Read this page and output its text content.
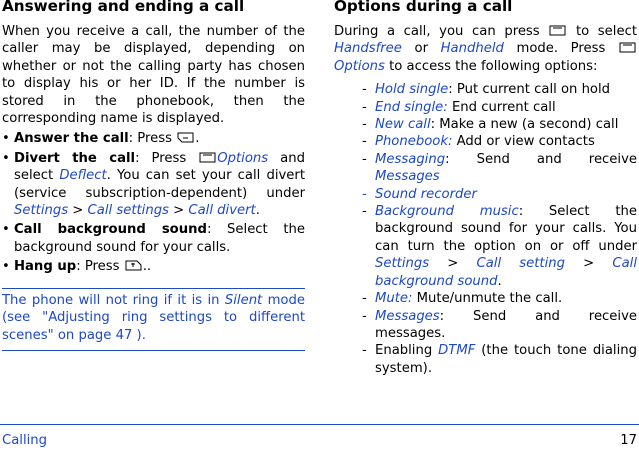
Answering and ending a call

When you receive a call, the number of the caller may be displayed, depending on whether or not the calling party has chosen to display his or her ID. If the number is stored in the phonebook, then the corresponding name is displayed.

• Answer the call: Press
.
• Divert the call: Press
Options and select Deflect. You can set your call divert (service subscription-dependent) under Settings > Call settings > Call divert.
• Call background sound: Select the background sound for your calls.
• Hang up: Press
..
The phone will not ring if it is in Silent mode (see "Adjusting ring settings to different scenes" on page 47 ).
Options during a call

During a call, you can press
to select Handsfree or Handheld mode. Press
Options to access the following options:

- Hold single: Put current call on hold
- End single: End current call
- New call: Make a new (a second) call
- Phonebook: Add or view contacts
- Messaging: Send and receive Messages
- Sound recorder
- Background music: Select the background sound for your calls. You can turn the option on or off under Settings > Call setting > Call background sound.
- Mute: Mute/unmute the call.
- Messages: Send and receive messages.
- Enabling DTMF (the touch tone dialing system).
Calling	17
